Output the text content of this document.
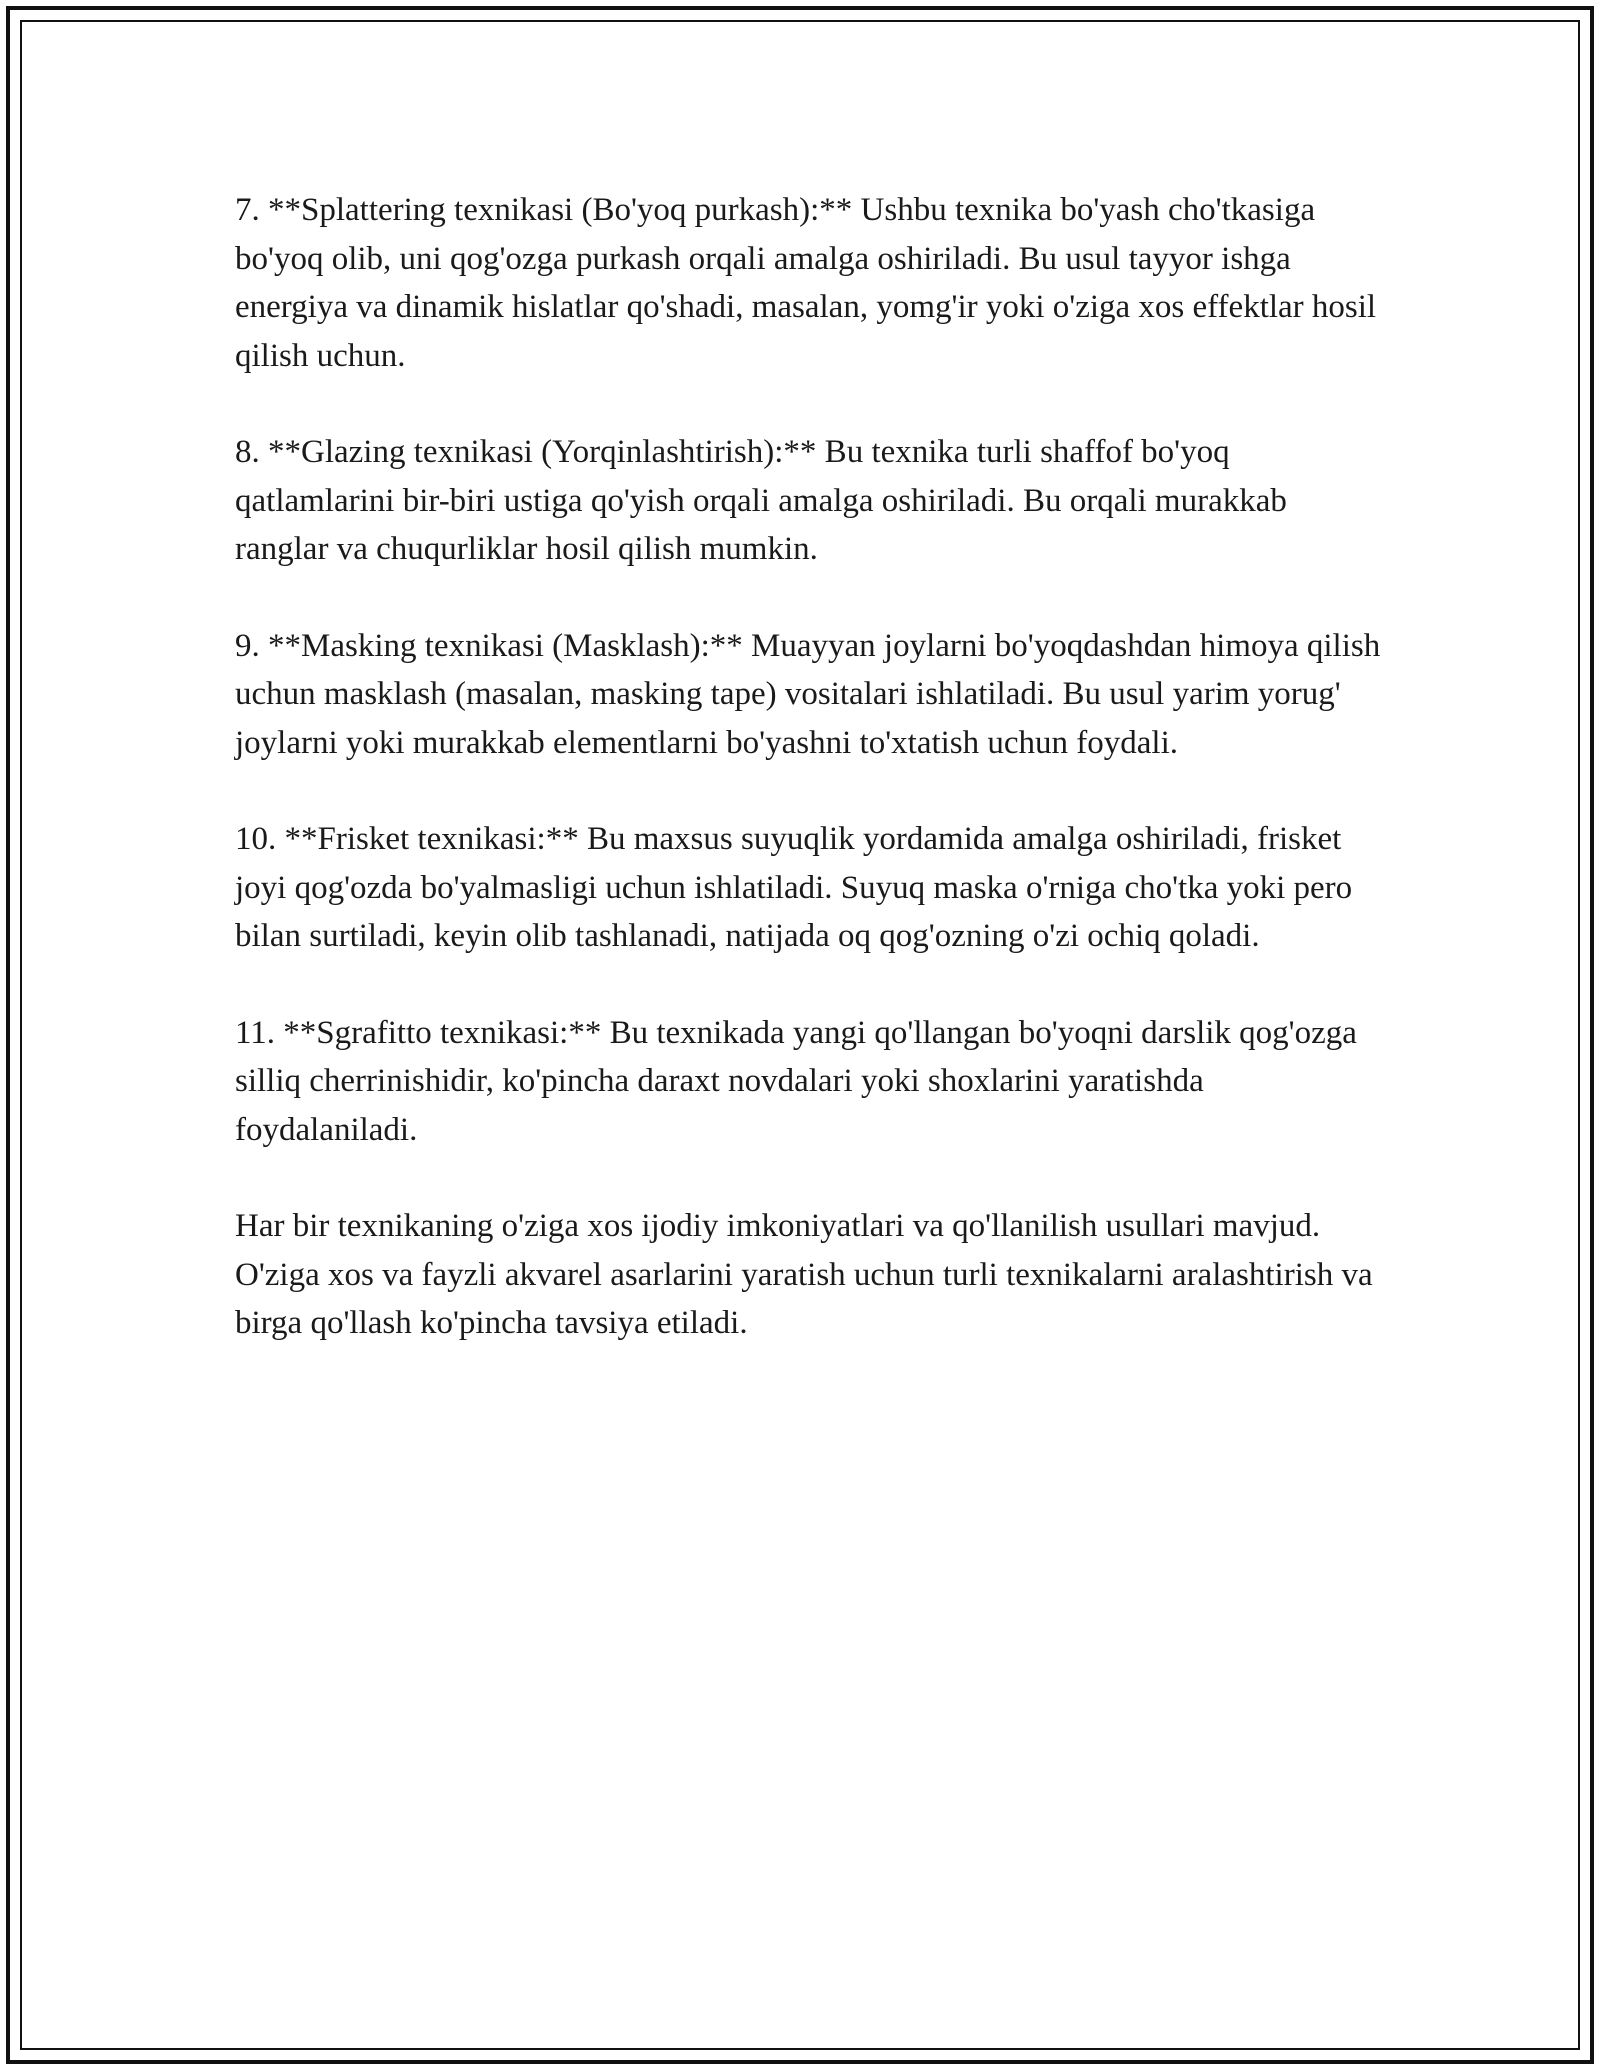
7. **Splattering texnikasi (Bo'yoq purkash):** Ushbu texnika bo'yash cho'tkasiga bo'yoq olib, uni qog'ozga purkash orqali amalga oshiriladi. Bu usul tayyor ishga energiya va dinamik hislatlar qo'shadi, masalan, yomg'ir yoki o'ziga xos effektlar hosil qilish uchun.

8. **Glazing texnikasi (Yorqinlashtirish):** Bu texnika turli shaffof bo'yoq qatlamlarini bir-biri ustiga qo'yish orqali amalga oshiriladi. Bu orqali murakkab ranglar va chuqurliklar hosil qilish mumkin.

9. **Masking texnikasi (Masklash):** Muayyan joylarni bo'yoqdashdan himoya qilish uchun masklash (masalan, masking tape) vositalari ishlatiladi. Bu usul yarim yorug' joylarni yoki murakkab elementlarni bo'yashni to'xtatish uchun foydali.

10. **Frisket texnikasi:** Bu maxsus suyuqlik yordamida amalga oshiriladi, frisket joyi qog'ozda bo'yalmasligi uchun ishlatiladi. Suyuq maska o'rniga cho'tka yoki pero bilan surtiladi, keyin olib tashlanadi, natijada oq qog'ozning o'zi ochiq qoladi.

11. **Sgrafitto texnikasi:** Bu texnikada yangi qo'llangan bo'yoqni darslik qog'ozga silliq cherrinishidir, ko'pincha daraxt novdalari yoki shoxlarini yaratishda foydalaniladi.

Har bir texnikaning o'ziga xos ijodiy imkoniyatlari va qo'llanilish usullari mavjud. O'ziga xos va fayzli akvarel asarlarini yaratish uchun turli texnikalarni aralashtirish va birga qo'llash ko'pincha tavsiya etiladi.
